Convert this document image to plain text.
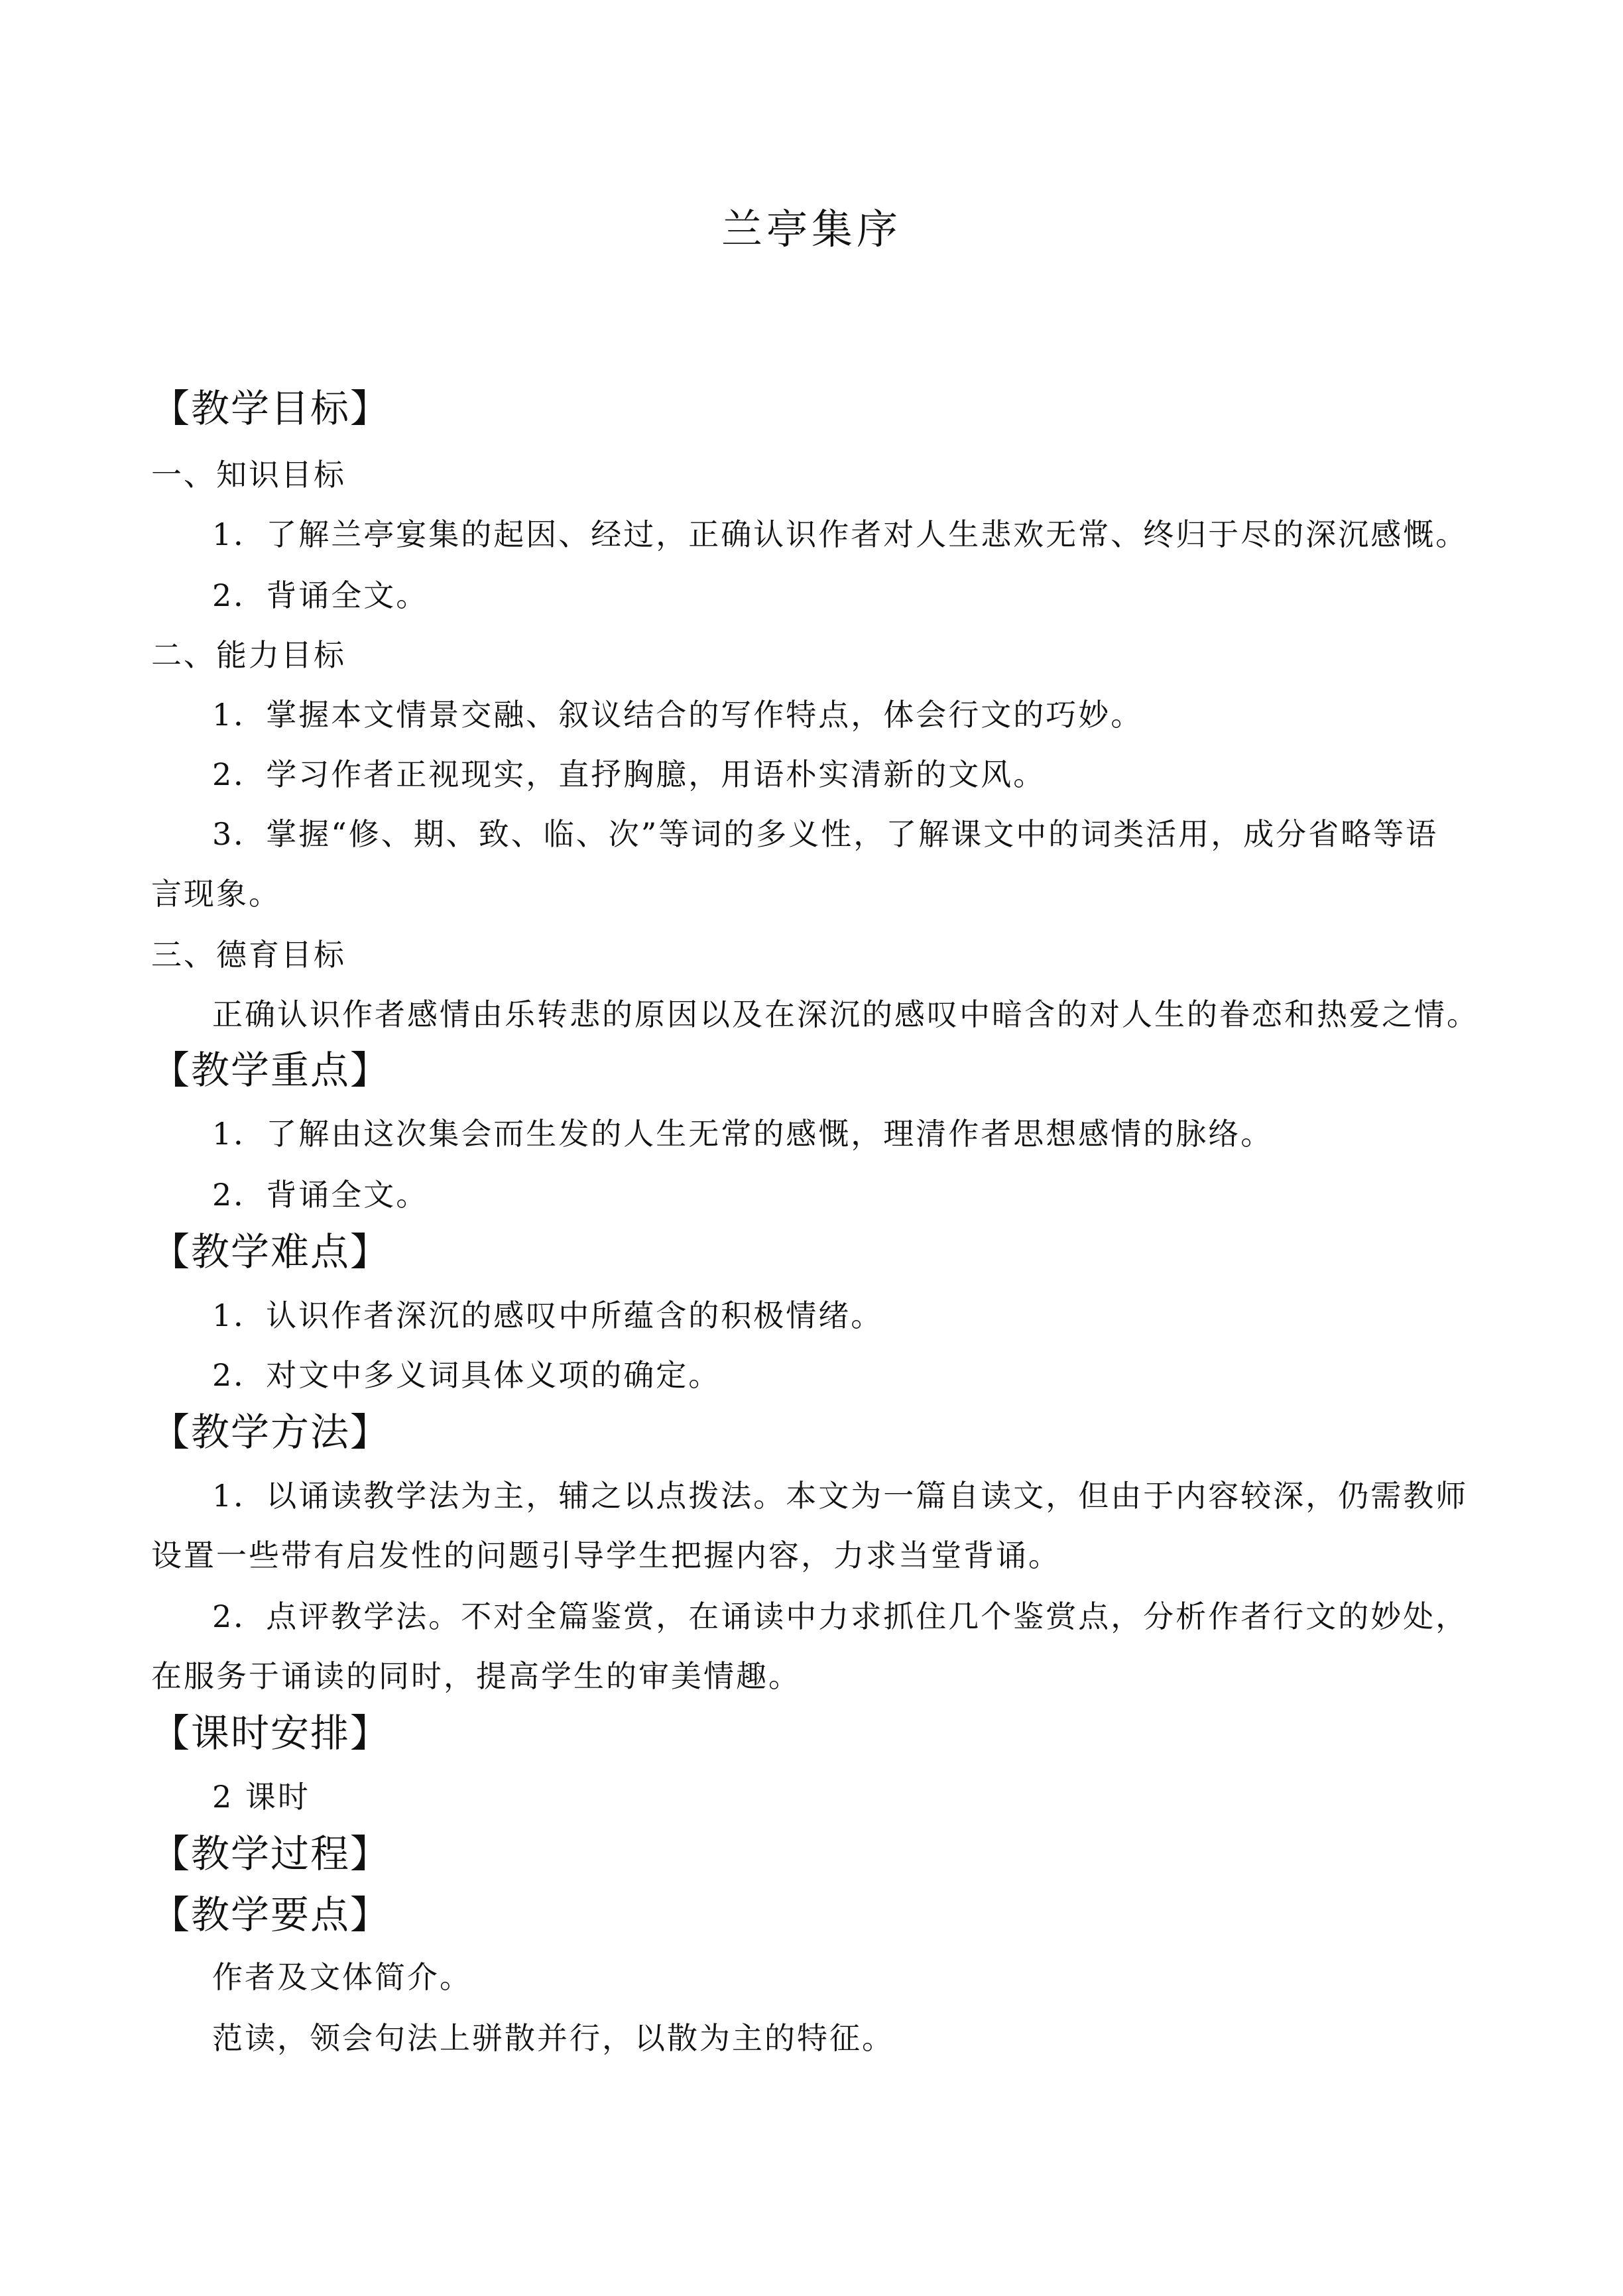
兰亭集序
【教学目标】
一、知识目标
1．了解兰亭宴集的起因、经过，正确认识作者对人生悲欢无常、终归于尽的深沉感慨。
2．背诵全文。
二、能力目标
1．掌握本文情景交融、叙议结合的写作特点，体会行文的巧妙。
2．学习作者正视现实，直抒胸臆，用语朴实清新的文风。
3．掌握“修、期、致、临、次”等词的多义性，了解课文中的词类活用，成分省略等语
言现象。
三、德育目标
正确认识作者感情由乐转悲的原因以及在深沉的感叹中暗含的对人生的眷恋和热爱之情。
【教学重点】
1．了解由这次集会而生发的人生无常的感慨，理清作者思想感情的脉络。
2．背诵全文。
【教学难点】
1．认识作者深沉的感叹中所蕴含的积极情绪。
2．对文中多义词具体义项的确定。
【教学方法】
1．以诵读教学法为主，辅之以点拨法。本文为一篇自读文，但由于内容较深，仍需教师
设置一些带有启发性的问题引导学生把握内容，力求当堂背诵。
2．点评教学法。不对全篇鉴赏，在诵读中力求抓住几个鉴赏点，分析作者行文的妙处，
在服务于诵读的同时，提高学生的审美情趣。
【课时安排】
2 课时
【教学过程】
【教学要点】
作者及文体简介。
范读，领会句法上骈散并行，以散为主的特征。
